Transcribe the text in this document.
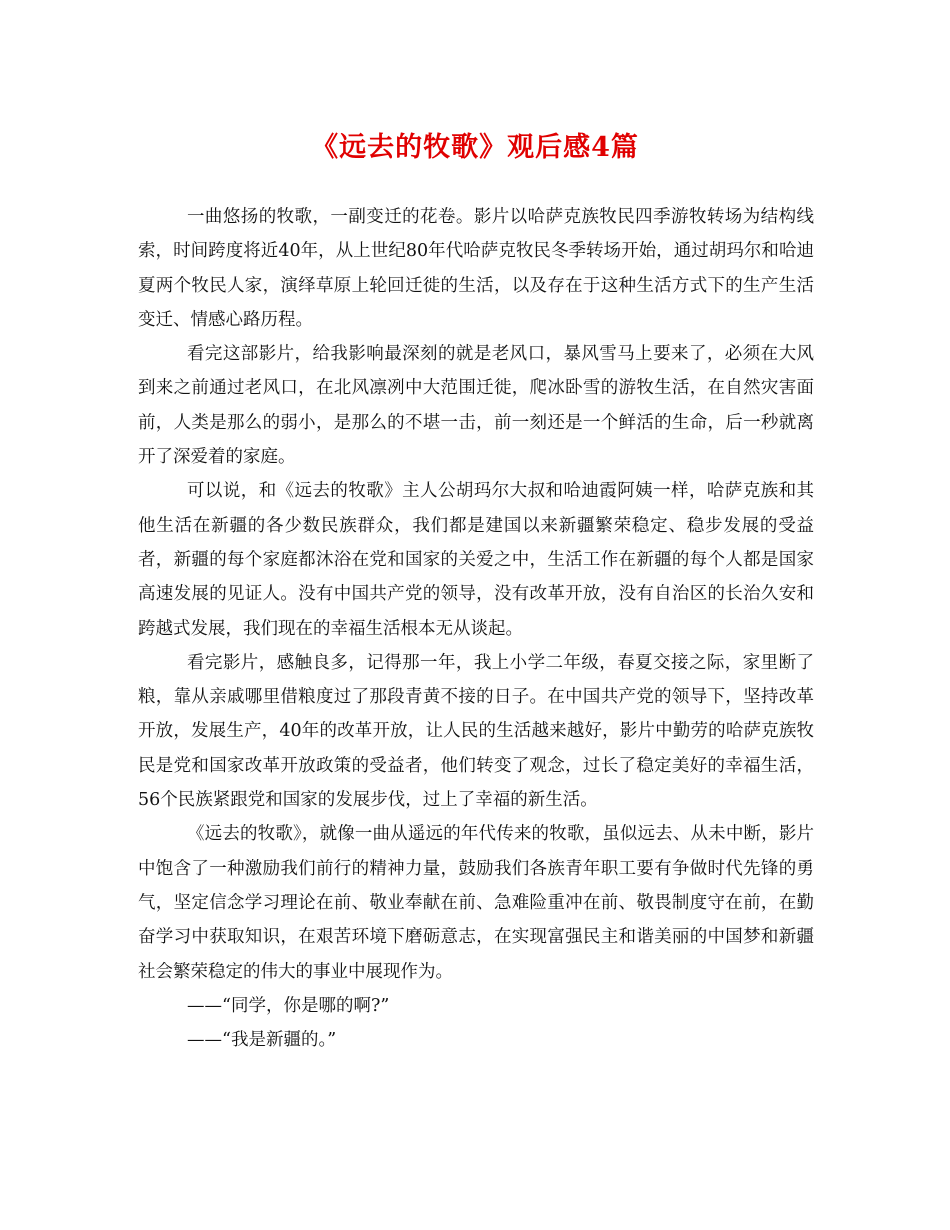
《远去的牧歌》观后感4篇

一曲悠扬的牧歌，一副变迁的花卷。影片以哈萨克族牧民四季游牧转场为结构线索，时间跨度将近40年，从上世纪80年代哈萨克牧民冬季转场开始，通过胡玛尔和哈迪夏两个牧民人家，演绎草原上轮回迁徙的生活，以及存在于这种生活方式下的生产生活变迁、情感心路历程。

看完这部影片，给我影响最深刻的就是老风口，暴风雪马上要来了，必须在大风到来之前通过老风口，在北风凛冽中大范围迁徙，爬冰卧雪的游牧生活，在自然灾害面前，人类是那么的弱小，是那么的不堪一击，前一刻还是一个鲜活的生命，后一秒就离开了深爱着的家庭。

可以说，和《远去的牧歌》主人公胡玛尔大叔和哈迪霞阿姨一样，哈萨克族和其他生活在新疆的各少数民族群众，我们都是建国以来新疆繁荣稳定、稳步发展的受益者，新疆的每个家庭都沐浴在党和国家的关爱之中，生活工作在新疆的每个人都是国家高速发展的见证人。没有中国共产党的领导，没有改革开放，没有自治区的长治久安和跨越式发展，我们现在的幸福生活根本无从谈起。

看完影片，感触良多，记得那一年，我上小学二年级，春夏交接之际，家里断了粮，靠从亲戚哪里借粮度过了那段青黄不接的日子。在中国共产党的领导下，坚持改革开放，发展生产，40年的改革开放，让人民的生活越来越好，影片中勤劳的哈萨克族牧民是党和国家改革开放政策的受益者，他们转变了观念，过长了稳定美好的幸福生活，56个民族紧跟党和国家的发展步伐，过上了幸福的新生活。

《远去的牧歌》，就像一曲从遥远的年代传来的牧歌，虽似远去、从未中断，影片中饱含了一种激励我们前行的精神力量，鼓励我们各族青年职工要有争做时代先锋的勇气，坚定信念学习理论在前、敬业奉献在前、急难险重冲在前、敬畏制度守在前，在勤奋学习中获取知识，在艰苦环境下磨砺意志，在实现富强民主和谐美丽的中国梦和新疆社会繁荣稳定的伟大的事业中展现作为。

——“同学，你是哪的啊?”

——“我是新疆的。”
